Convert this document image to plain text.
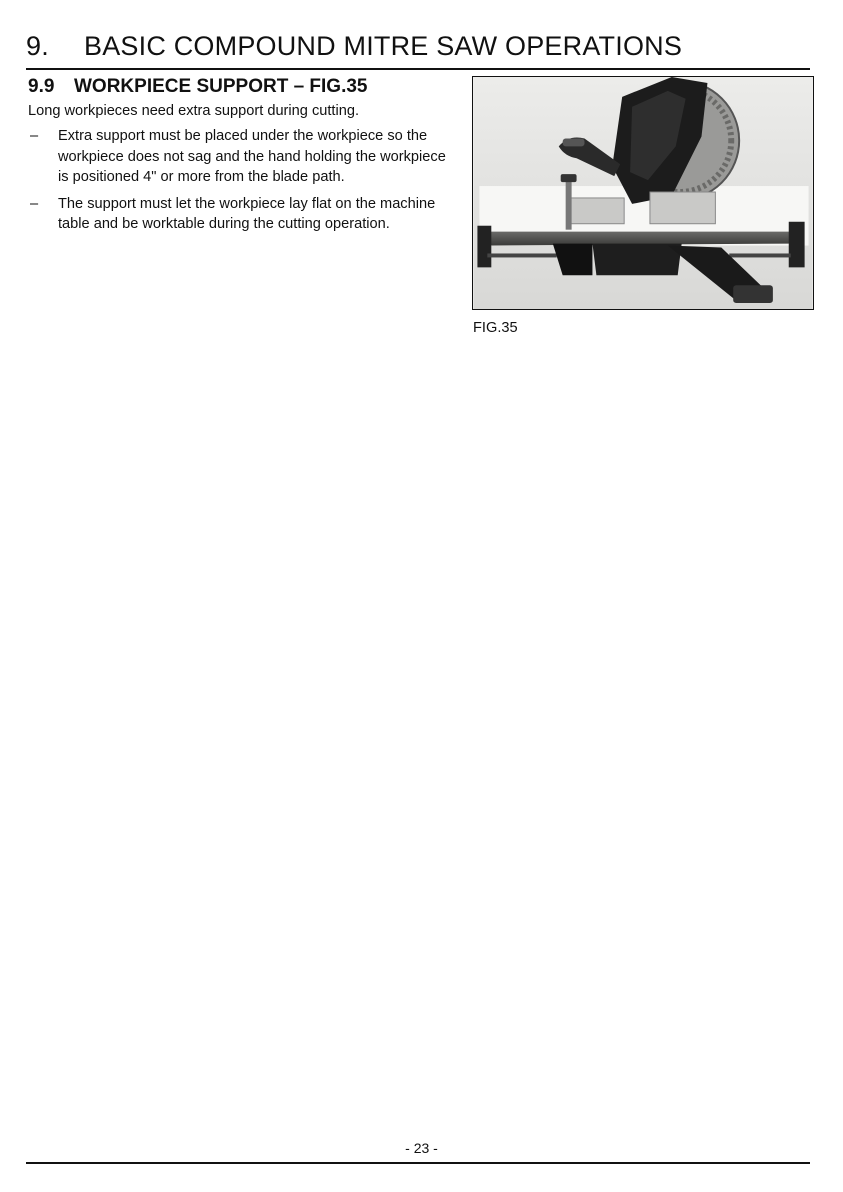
9. BASIC COMPOUND MITRE SAW OPERATIONS
9.9 WORKPIECE SUPPORT – FIG.35

Long workpieces need extra support during cutting.

– Extra support must be placed under the workpiece so the workpiece does not sag and the hand holding the workpiece is positioned 4" or more from the blade path.
– The support must let the workpiece lay flat on the machine table and be worktable during the cutting operation.

FIG.35

- 23 -
